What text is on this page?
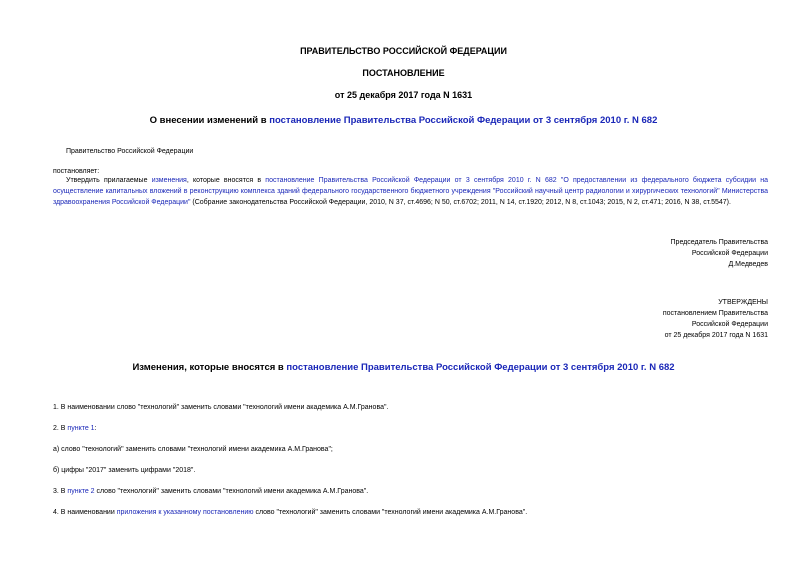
ПРАВИТЕЛЬСТВО РОССИЙСКОЙ ФЕДЕРАЦИИ
ПОСТАНОВЛЕНИЕ
от 25 декабря 2017 года N 1631
О внесении изменений в постановление Правительства Российской Федерации от 3 сентября 2010 г. N 682
Правительство Российской Федерации
постановляет:
Утвердить прилагаемые изменения, которые вносятся в постановление Правительства Российской Федерации от 3 сентября 2010 г. N 682 "О предоставлении из федерального бюджета субсидии на осуществление капитальных вложений в реконструкцию комплекса зданий федерального государственного бюджетного учреждения "Российский научный центр радиологии и хирургических технологий" Министерства здравоохранения Российской Федерации" (Собрание законодательства Российской Федерации, 2010, N 37, ст.4696; N 50, ст.6702; 2011, N 14, ст.1920; 2012, N 8, ст.1043; 2015, N 2, ст.471; 2016, N 38, ст.5547).
Председатель Правительства
Российской Федерации
Д.Медведев
УТВЕРЖДЕНЫ
постановлением Правительства
Российской Федерации
от 25 декабря 2017 года N 1631
Изменения, которые вносятся в постановление Правительства Российской Федерации от 3 сентября 2010 г. N 682
1. В наименовании слово "технологий" заменить словами "технологий имени академика А.М.Гранова".
2. В пункте 1:
а) слово "технологий" заменить словами "технологий имени академика А.М.Гранова";
б) цифры "2017" заменить цифрами "2018".
3. В пункте 2 слово "технологий" заменить словами "технологий имени академика А.М.Гранова".
4. В наименовании приложения к указанному постановлению слово "технологий" заменить словами "технологий имени академика А.М.Гранова".
